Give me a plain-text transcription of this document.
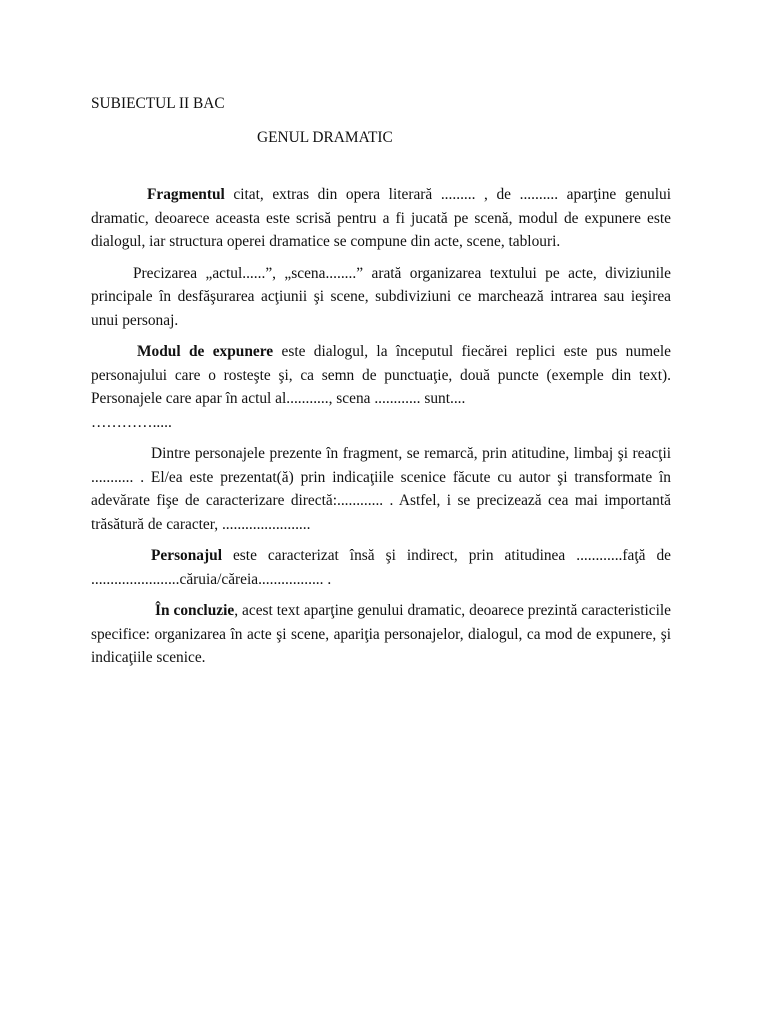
SUBIECTUL II BAC

GENUL DRAMATIC

Fragmentul citat, extras din opera literară ......... , de .......... aparţine genului dramatic, deoarece aceasta este scrisă pentru a fi jucată pe scenă, modul de expunere este dialogul, iar structura operei dramatice se compune din acte, scene, tablouri.

Precizarea „actul......”, „scena........” arată organizarea textului pe acte, diviziunile principale în desfăşurarea acţiunii şi scene, subdiviziuni ce marchează intrarea sau ieşirea unui personaj.

Modul de expunere este dialogul, la începutul fiecărei replici este pus numele personajului care o rosteşte şi, ca semn de punctuaţie, două puncte (exemple din text). Personajele care apar în actul al..........., scena ............ sunt....
………….....

Dintre personajele prezente în fragment, se remarcă, prin atitudine, limbaj şi reacţii ........... . El/ea este prezentat(ă) prin indicaţiile scenice făcute cu autor şi transformate în adevărate fişe de caracterizare directă:............ . Astfel, i se precizează cea mai importantă trăsătură de caracter, .......................

Personajul este caracterizat însă şi indirect, prin atitudinea ............faţă de .......................căruia/căreia................. .

În concluzie, acest text aparţine genului dramatic, deoarece prezintă caracteristicile specifice: organizarea în acte şi scene, apariţia personajelor, dialogul, ca mod de expunere, şi indicaţiile scenice.
